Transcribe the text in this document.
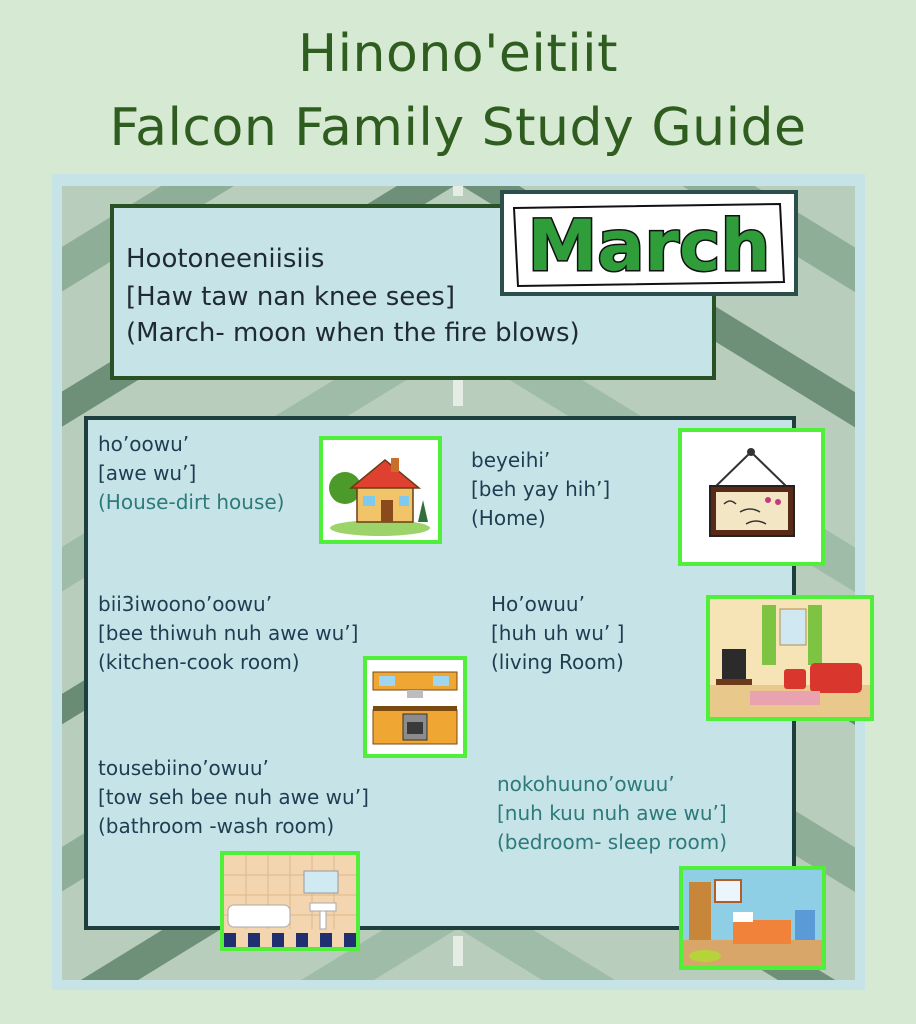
Hinono'eitiit
Falcon Family Study Guide
Hootoneeniisiis
[Haw taw nan knee sees]
(March- moon when the fire blows)
March
ho’oowu’
[awe wu’]
(House-dirt house)
beyeihi’
[beh yay hih’]
(Home)
bii3iwoono’oowu’
[bee thiwuh nuh awe wu’]
(kitchen-cook room)
Ho’owuu’
[huh uh wu’ ]
(living Room)
tousebiino’owuu’
[tow seh bee nuh awe wu’]
(bathroom -wash room)
nokohuuno’owuu’
[nuh kuu nuh awe wu’]
(bedroom- sleep room)
